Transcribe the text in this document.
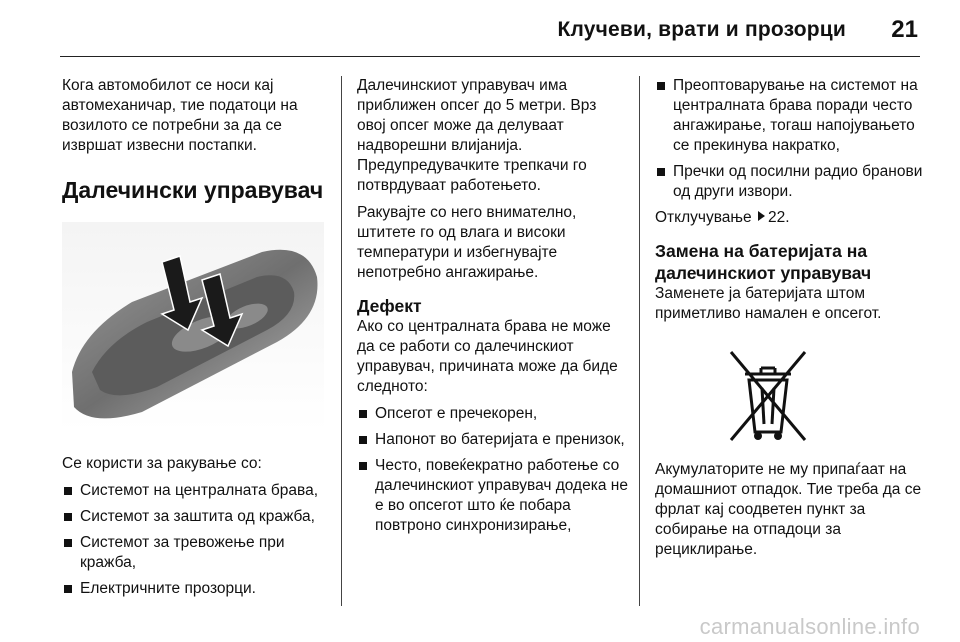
Клучеви, врати и прозорци 21

Кога автомобилот се носи кај автомеханичар, тие податоци на возилото се потребни за да се извршат извесни постапки.

Далечински управувач

Се користи за ракување со:

Системот на централната брава,
Системот за заштита од кражба,
Системот за тревожење при кражба,
Електричните прозорци.

Далечинскиот управувач има приближен опсег до 5 метри. Врз овој опсег може да делуваат надворешни влијанија. Предупредувачките трепкачи го потврдуваат работењето.

Ракувајте со него внимателно, штитете го од влага и високи температури и избегнувајте непотребно ангажирање.

Дефект

Ако со централната брава не може да се работи со далечинскиот управувач, причината може да биде следното:

Опсегот е пречекорен,
Напонот во батеријата е пренизок,
Често, повеќекратно работење со далечинскиот управувач додека не е во опсегот што ќе побара повтроно синхронизирање,
Преоптоварување на системот на централната брава поради често ангажирање, тогаш напојувањето се прекинува накратко,
Пречки од посилни радио бранови од други извори.

Отклучување 22.

Замена на батеријата на далечинскиот управувач

Заменете ја батеријата штом приметливо намален е опсегот.

Акумулаторите не му припаѓаат на домашниот отпадок. Тие треба да се фрлат кај соодветен пункт за собирање на отпадоци за рециклирање.

carmanualsonline.info
